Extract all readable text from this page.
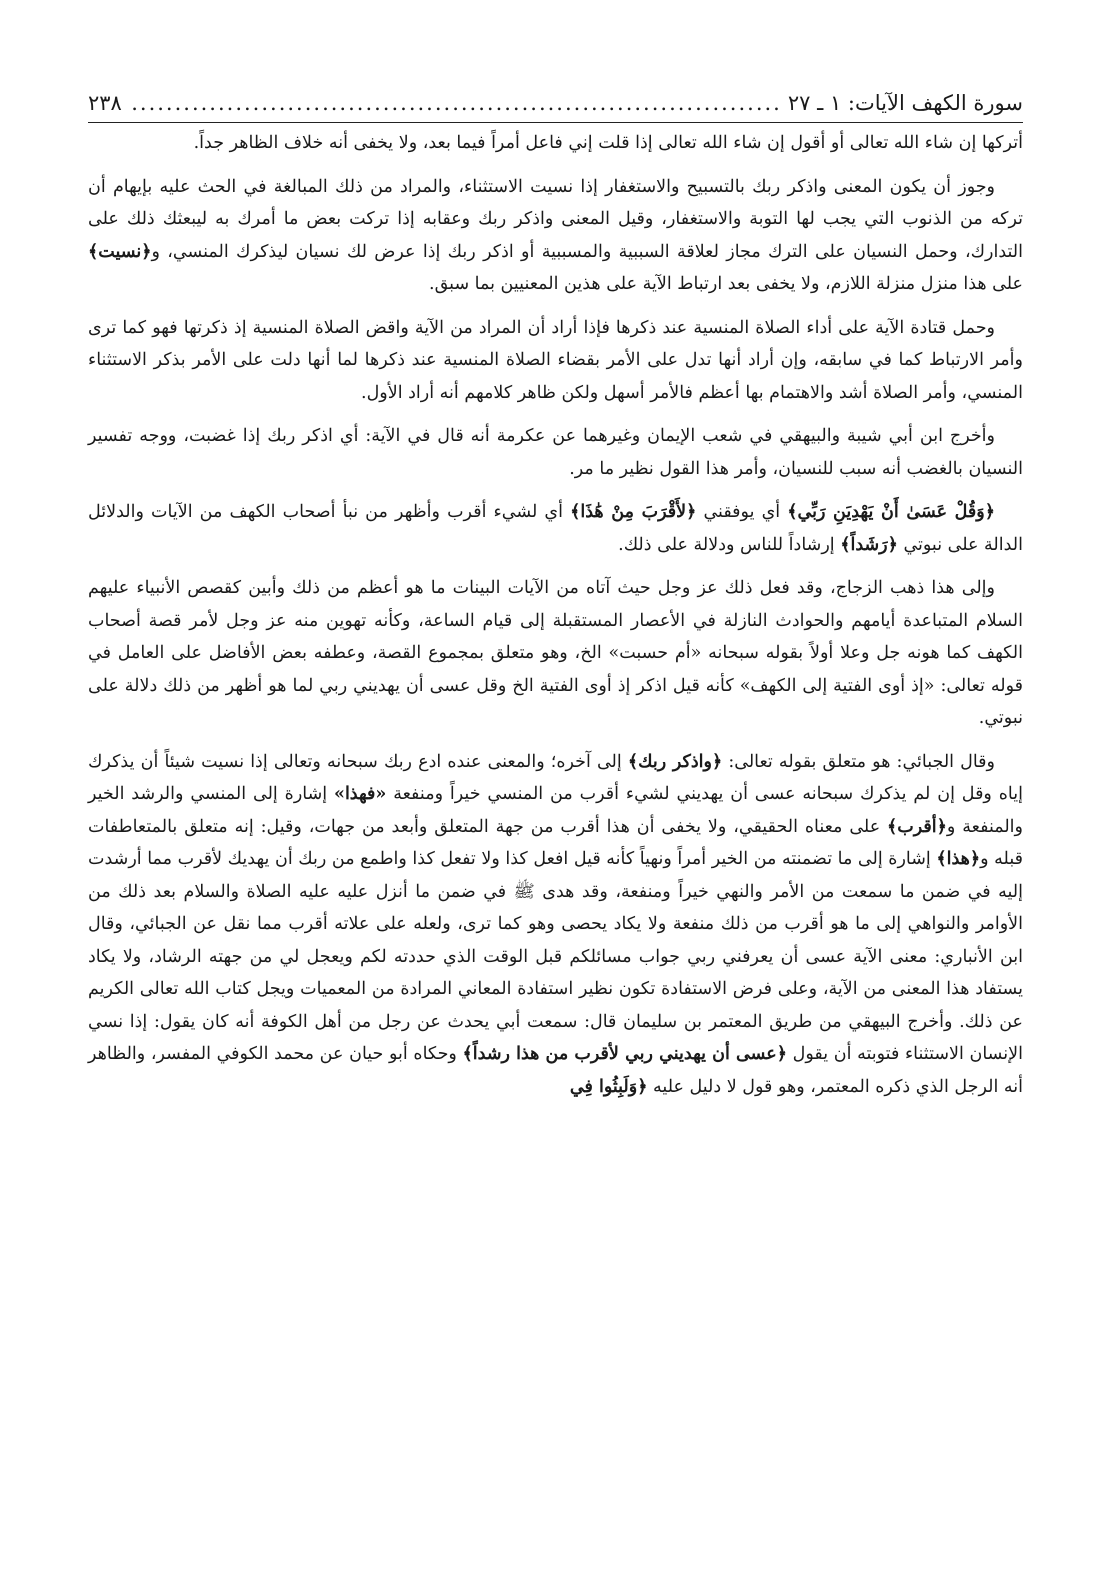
سورة الكهف الآيات: ١ ـ ٢٧
.....
٢٣٨

أتركها إن شاء الله تعالى أو أقول إن شاء الله تعالى إذا قلت إني فاعل أمراً فيما بعد، ولا يخفى أنه خلاف الظاهر جداً.

وجوز أن يكون المعنى واذكر ربك بالتسبيح والاستغفار إذا نسيت الاستثناء، والمراد من ذلك المبالغة في الحث عليه بإيهام أن تركه من الذنوب التي يجب لها التوبة والاستغفار، وقيل المعنى واذكر ربك وعقابه إذا تركت بعض ما أمرك به ليبعثك ذلك على التدارك، وحمل النسيان على الترك مجاز لعلاقة السببية والمسببية أو اذكر ربك إذا عرض لك نسيان ليذكرك المنسي، و﴿نسيت﴾ على هذا منزل منزلة اللازم، ولا يخفى بعد ارتباط الآية على هذين المعنيين بما سبق.

وحمل قتادة الآية على أداء الصلاة المنسية عند ذكرها فإذا أراد أن المراد من الآية واقض الصلاة المنسية إذ ذكرتها فهو كما ترى وأمر الارتباط كما في سابقه، وإن أراد أنها تدل على الأمر بقضاء الصلاة المنسية عند ذكرها لما أنها دلت على الأمر بذكر الاستثناء المنسي، وأمر الصلاة أشد والاهتمام بها أعظم فالأمر أسهل ولكن ظاهر كلامهم أنه أراد الأول.

وأخرج ابن أبي شيبة والبيهقي في شعب الإيمان وغيرهما عن عكرمة أنه قال في الآية: أي اذكر ربك إذا غضبت، ووجه تفسير النسيان بالغضب أنه سبب للنسيان، وأمر هذا القول نظير ما مر.

﴿وَقُلْ عَسَىٰ أَنْ يَهْدِيَنِ رَبِّي﴾ أي يوفقني ﴿لأَقْرَبَ مِنْ هَٰذَا﴾ أي لشيء أقرب وأظهر من نبأ أصحاب الكهف من الآيات والدلائل الدالة على نبوتي ﴿رَشَداً﴾ إرشاداً للناس ودلالة على ذلك.

وإلى هذا ذهب الزجاج، وقد فعل ذلك عز وجل حيث آتاه من الآيات البينات ما هو أعظم من ذلك وأبين كقصص الأنبياء عليهم السلام المتباعدة أيامهم والحوادث النازلة في الأعصار المستقبلة إلى قيام الساعة، وكأنه تهوين منه عز وجل لأمر قصة أصحاب الكهف كما هونه جل وعلا أولاً بقوله سبحانه «أم حسبت» الخ، وهو متعلق بمجموع القصة، وعطفه بعض الأفاضل على العامل في قوله تعالى: «إذ أوى الفتية إلى الكهف» كأنه قيل اذكر إذ أوى الفتية الخ وقل عسى أن يهديني ربي لما هو أظهر من ذلك دلالة على نبوتي.

وقال الجبائي: هو متعلق بقوله تعالى: ﴿واذكر ربك﴾ إلى آخره؛ والمعنى عنده ادع ربك سبحانه وتعالى إذا نسيت شيئاً أن يذكرك إياه وقل إن لم يذكرك سبحانه عسى أن يهديني لشيء أقرب من المنسي خيراً ومنفعة «فهذا» إشارة إلى المنسي والرشد الخير والمنفعة و﴿أقرب﴾ على معناه الحقيقي، ولا يخفى أن هذا أقرب من جهة المتعلق وأبعد من جهات، وقيل: إنه متعلق بالمتعاطفات قبله و﴿هذا﴾ إشارة إلى ما تضمنته من الخير أمراً ونهياً كأنه قيل افعل كذا ولا تفعل كذا واطمع من ربك أن يهديك لأقرب مما أرشدت إليه في ضمن ما سمعت من الأمر والنهي خيراً ومنفعة، وقد هدى ﷺ في ضمن ما أنزل عليه عليه الصلاة والسلام بعد ذلك من الأوامر والنواهي إلى ما هو أقرب من ذلك منفعة ولا يكاد يحصى وهو كما ترى، ولعله على علاته أقرب مما نقل عن الجبائي، وقال ابن الأنباري: معنى الآية عسى أن يعرفني ربي جواب مسائلكم قبل الوقت الذي حددته لكم ويعجل لي من جهته الرشاد، ولا يكاد يستفاد هذا المعنى من الآية، وعلى فرض الاستفادة تكون نظير استفادة المعاني المرادة من المعميات ويجل كتاب الله تعالى الكريم عن ذلك. وأخرج البيهقي من طريق المعتمر بن سليمان قال: سمعت أبي يحدث عن رجل من أهل الكوفة أنه كان يقول: إذا نسي الإنسان الاستثناء فتوبته أن يقول ﴿عسى أن يهديني ربي لأقرب من هذا رشداً﴾ وحكاه أبو حيان عن محمد الكوفي المفسر، والظاهر أنه الرجل الذي ذكره المعتمر، وهو قول لا دليل عليه ﴿وَلَبِثُوا فِي
